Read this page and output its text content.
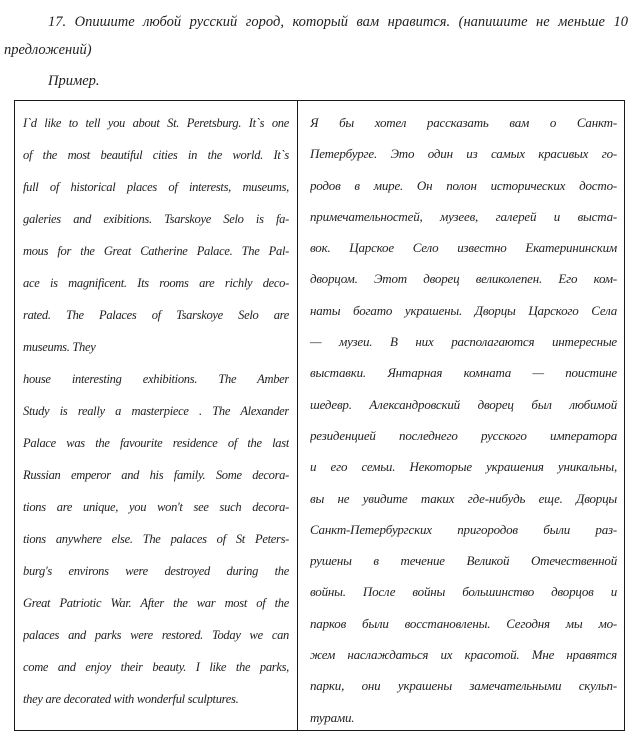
17. Опишите любой русский город, который вам нравится. (напишите не меньше 10
предложений)
Пример.
I`d like to tell you about St. Peretsburg. It`s one
of the most beautiful cities in the world. It`s
full of historical places of interests, museums,
galeries and exibitions. Tsarskoye Selo is fa-
mous for the Great Catherine Palace. The Pal-
ace is magnificent. Its rooms are richly deco-
rated. The Palaces of Tsarskoye Selo are
museums. They
house interesting exhibitions. The Amber
Study is really a masterpiece . The Alexander
Palace was the favourite residence of the last
Russian emperor and his family. Some decora-
tions are unique, you won't see such decora-
tions anywhere else. The palaces of St Peters-
burg's environs were destroyed during the
Great Patriotic War. After the war most of the
palaces and parks were restored. Today we can
come and enjoy their beauty. I like the parks,
they are decorated with wonderful sculptures.
Я бы хотел рассказать вам о Санкт-
Петербурге. Это один из самых красивых го-
родов в мире. Он полон исторических досто-
примечательностей, музеев, галерей и выста-
вок. Царское Село известно Екатерининским
дворцом. Этот дворец великолепен. Его ком-
наты богато украшены. Дворцы Царского Села
— музеи. В них располагаются интересные
выставки. Янтарная комната — поистине
шедевр. Александровский дворец был любимой
резиденцией последнего русского императора
и его семьи. Некоторые украшения уникальны,
вы не увидите таких где-нибудь еще. Дворцы
Санкт-Петербургских пригородов были раз-
рушены в течение Великой Отечественной
войны. После войны большинство дворцов и
парков были восстановлены. Сегодня мы мо-
жем наслаждаться их красотой. Мне нравятся
парки, они украшены замечательными скульп-
турами.
